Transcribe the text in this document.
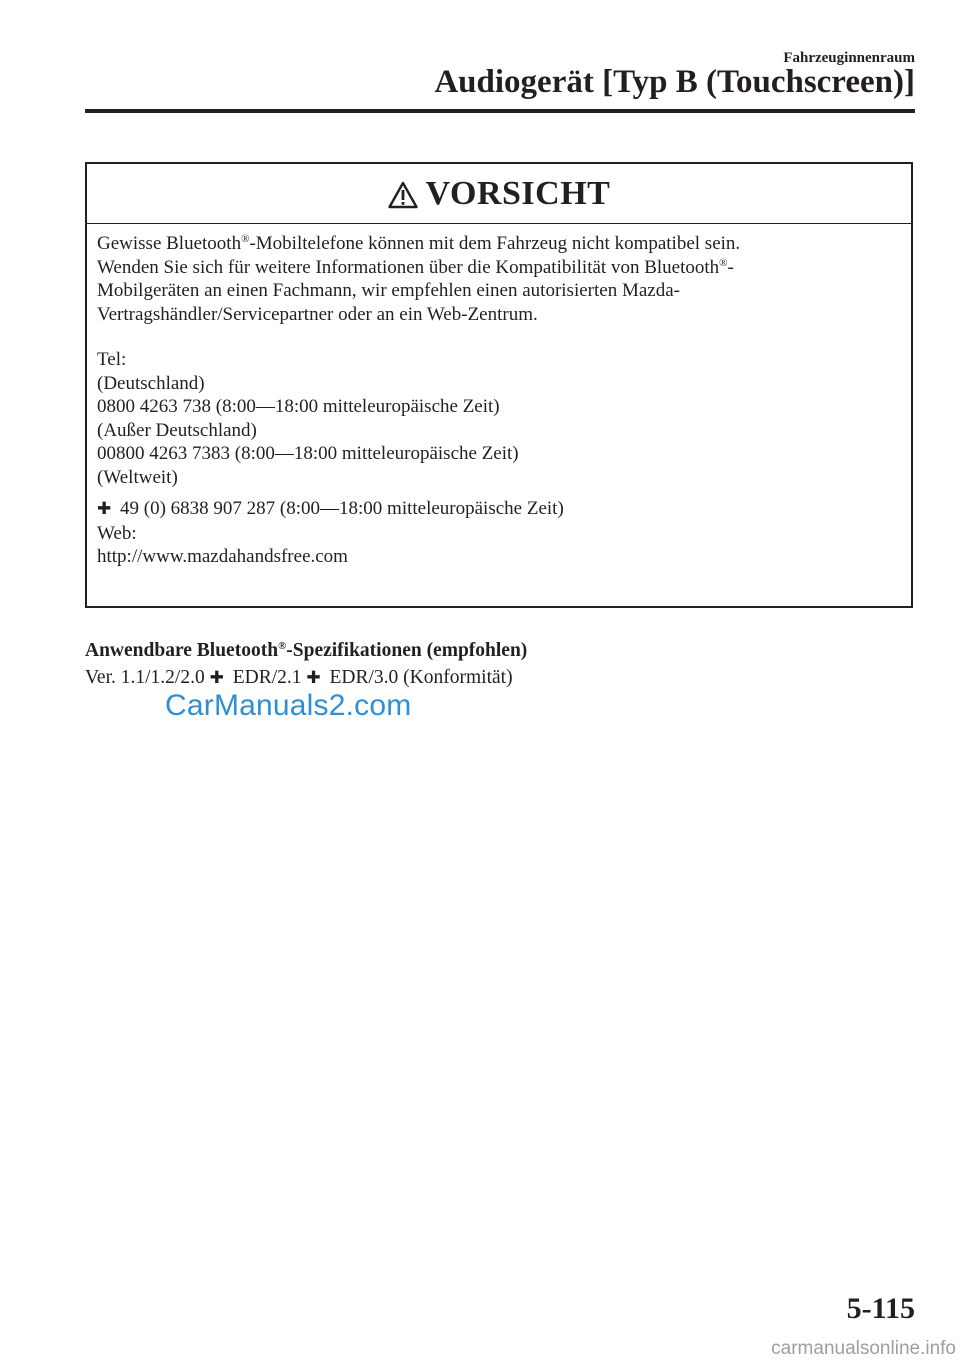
Fahrzeuginnenraum
Audiogerät [Typ B (Touchscreen)]
VORSICHT

Gewisse Bluetooth®-Mobiltelefone können mit dem Fahrzeug nicht kompatibel sein.

Wenden Sie sich für weitere Informationen über die Kompatibilität von Bluetooth®-

Mobilgeräten an einen Fachmann, wir empfehlen einen autorisierten Mazda-

Vertragshändler/Servicepartner oder an ein Web-Zentrum.

Tel:

(Deutschland)

0800 4263 738 (8:00—18:00 mitteleuropäische Zeit)

(Außer Deutschland)

00800 4263 7383 (8:00—18:00 mitteleuropäische Zeit)

(Weltweit)

✚ 49 (0) 6838 907 287 (8:00—18:00 mitteleuropäische Zeit)

Web:

http://www.mazdahandsfree.com

Anwendbare Bluetooth®-Spezifikationen (empfohlen)
Ver. 1.1/1.2/2.0 ✚ EDR/2.1 ✚ EDR/3.0 (Konformität)
CarManuals2.com
5-115
carmanualsonline.info
